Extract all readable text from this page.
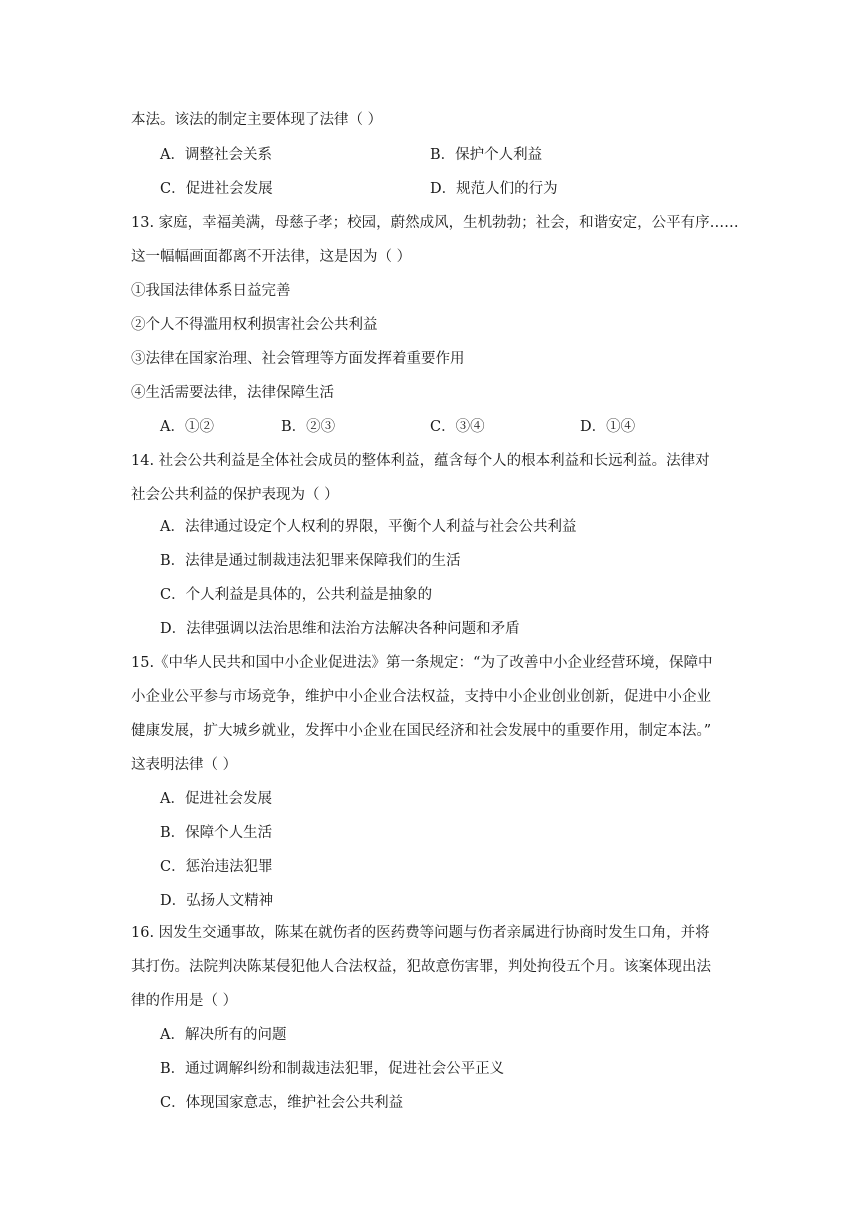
本法。该法的制定主要体现了法律（ ）
A．调整社会关系	B．保护个人利益
C．促进社会发展	D．规范人们的行为
13. 家庭，幸福美满，母慈子孝；校园，蔚然成风，生机勃勃；社会，和谐安定，公平有序……
这一幅幅画面都离不开法律，这是因为（ ）
①我国法律体系日益完善
②个人不得滥用权利损害社会公共利益
③法律在国家治理、社会管理等方面发挥着重要作用
④生活需要法律，法律保障生活
A．①②	B．②③	C．③④	D．①④
14. 社会公共利益是全体社会成员的整体利益，蕴含每个人的根本利益和长远利益。法律对
社会公共利益的保护表现为（ ）
A．法律通过设定个人权利的界限，平衡个人利益与社会公共利益
B．法律是通过制裁违法犯罪来保障我们的生活
C．个人利益是具体的，公共利益是抽象的
D．法律强调以法治思维和法治方法解决各种问题和矛盾
15.《中华人民共和国中小企业促进法》第一条规定：“为了改善中小企业经营环境，保障中
小企业公平参与市场竞争，维护中小企业合法权益，支持中小企业创业创新，促进中小企业
健康发展，扩大城乡就业，发挥中小企业在国民经济和社会发展中的重要作用，制定本法。”
这表明法律（ ）
A．促进社会发展
B．保障个人生活
C．惩治违法犯罪
D．弘扬人文精神
16. 因发生交通事故，陈某在就伤者的医药费等问题与伤者亲属进行协商时发生口角，并将
其打伤。法院判决陈某侵犯他人合法权益，犯故意伤害罪，判处拘役五个月。该案体现出法
律的作用是（ ）
A．解决所有的问题
B．通过调解纠纷和制裁违法犯罪，促进社会公平正义
C．体现国家意志，维护社会公共利益
